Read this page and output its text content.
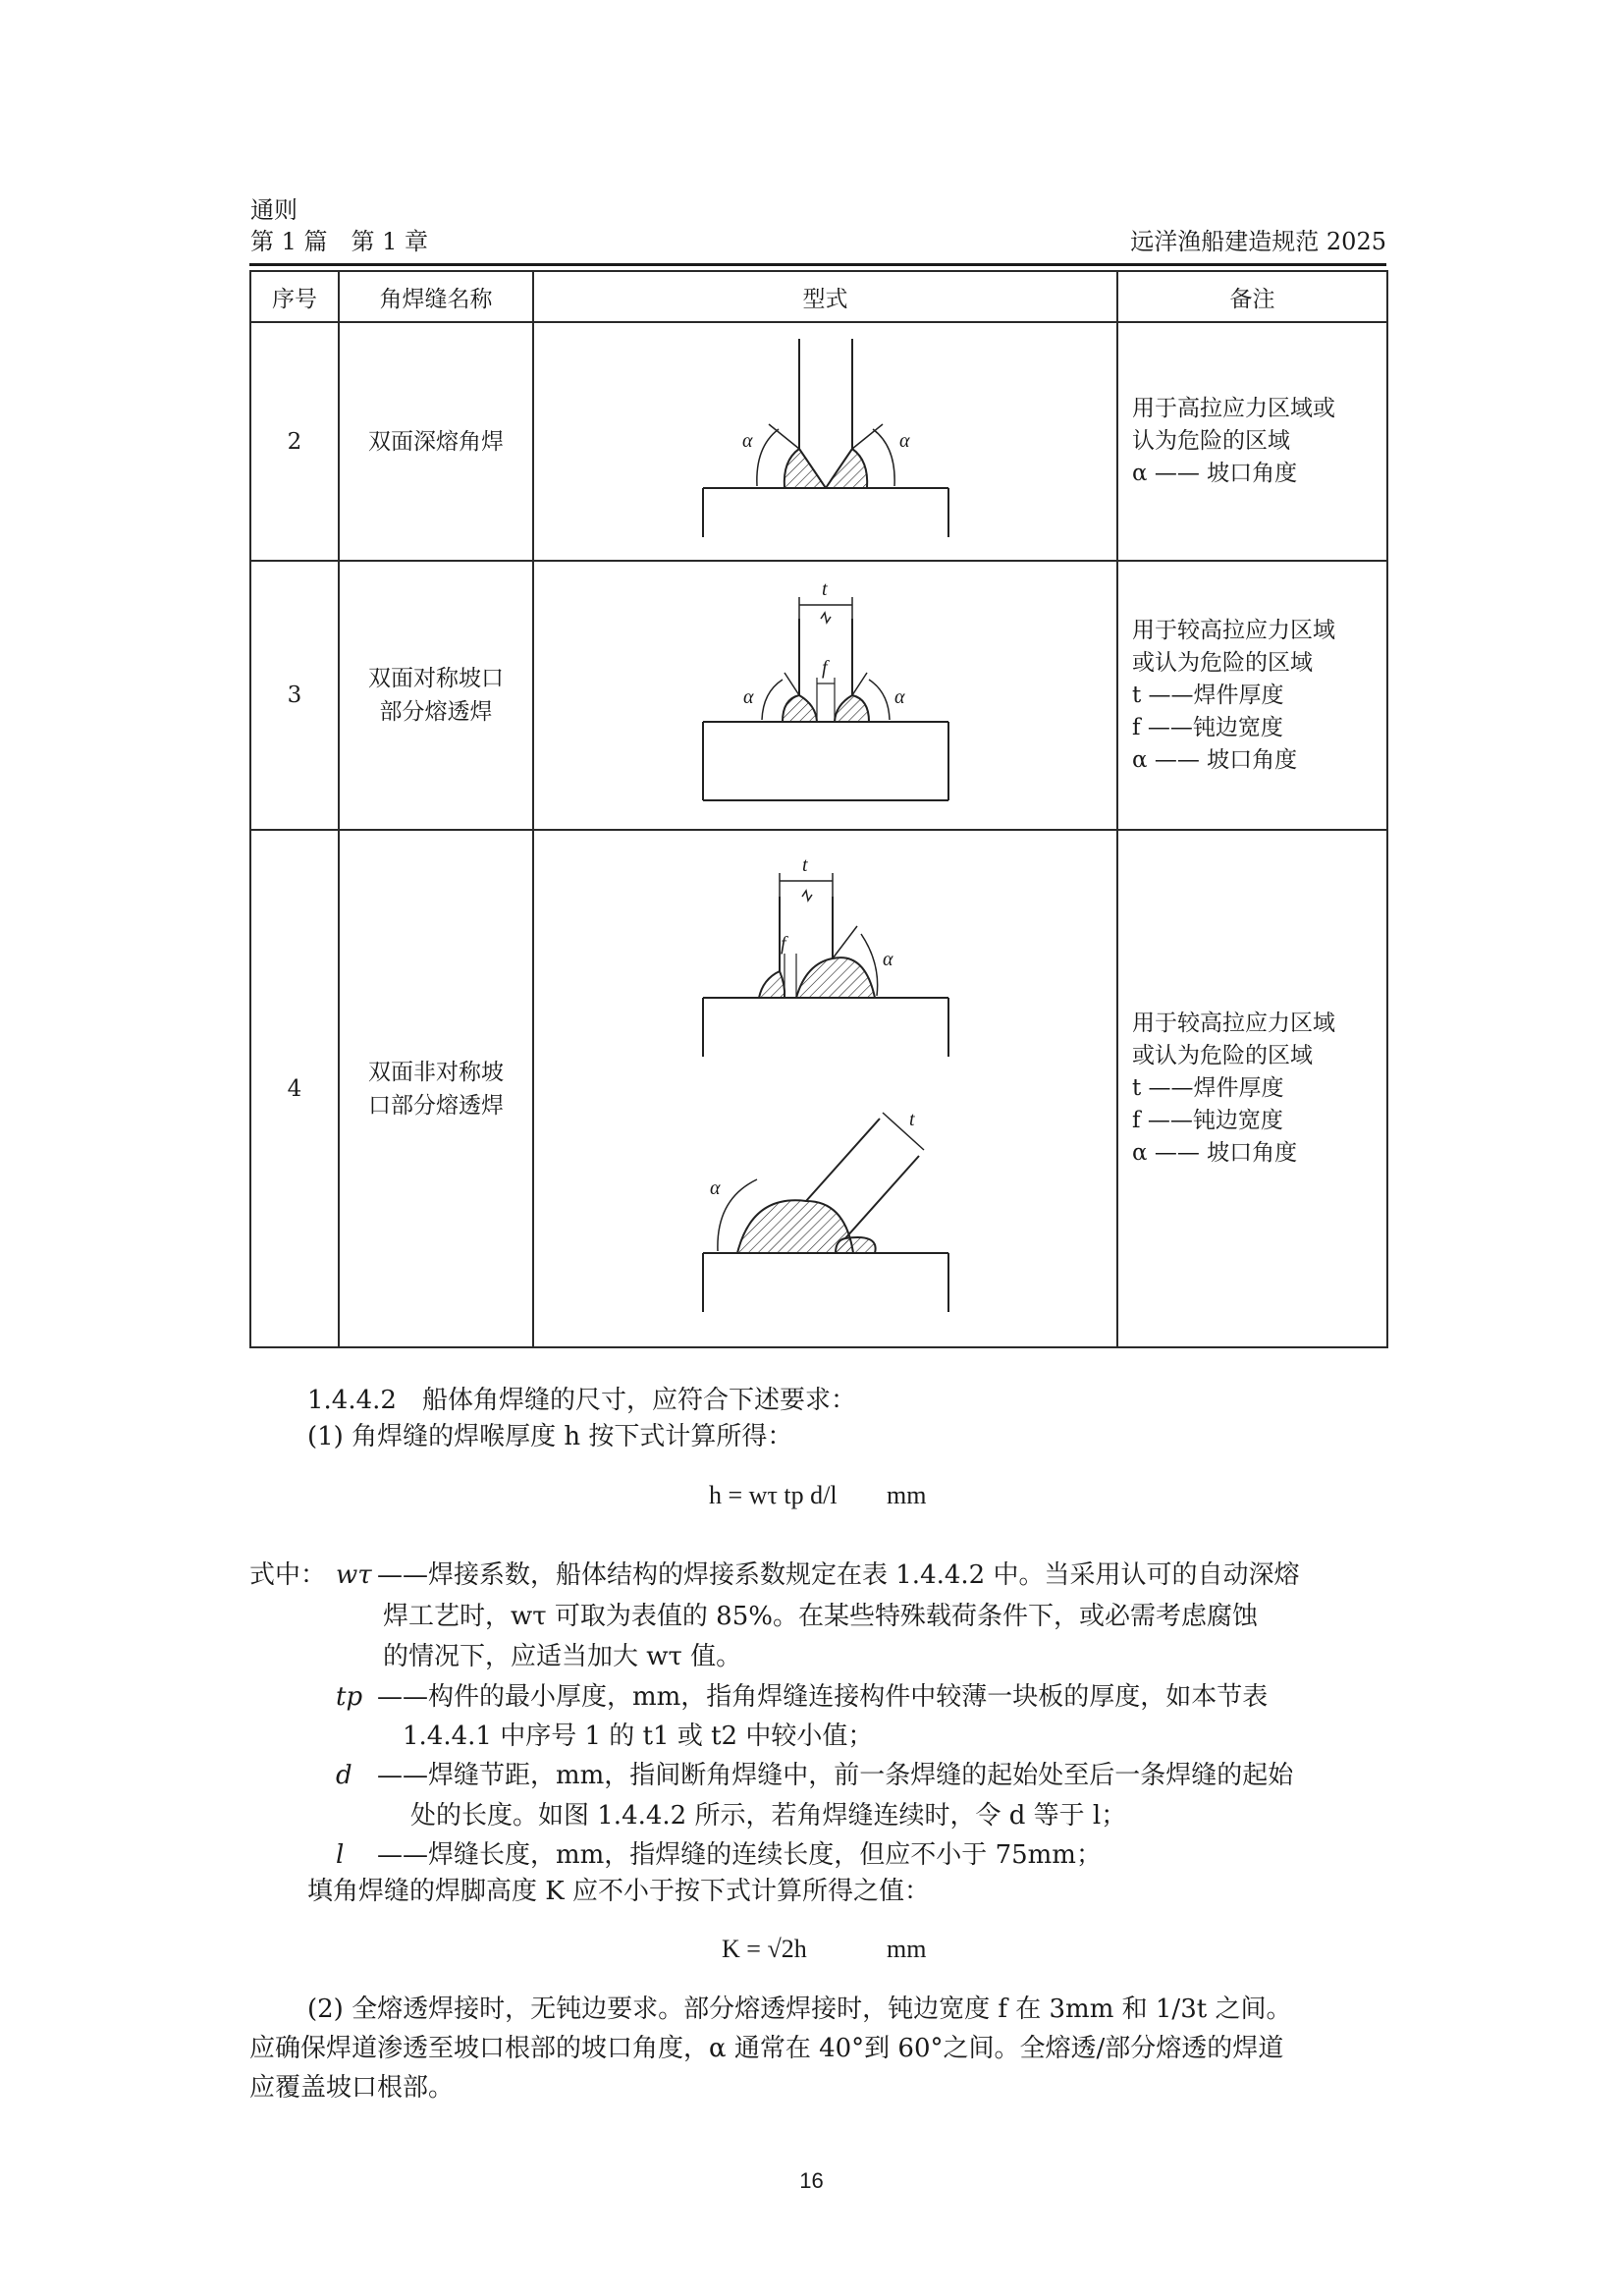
通则
第 1 篇　第 1 章	远洋渔船建造规范 2025
序号	角焊缝名称	型式	备注
2	双面深熔角焊	α α	用于高拉应力区域或
认为危险的区域
α —— 坡口角度

3	双面对称坡口
部分熔透焊	t
f
α α	用于较高拉应力区域
或认为危险的区域
t ——焊件厚度
f ——钝边宽度
α —— 坡口角度

4	双面非对称坡
口部分熔透焊	t
f
α
t
α	用于较高拉应力区域
或认为危险的区域
t ——焊件厚度
f ——钝边宽度
α —— 坡口角度
1.4.4.2　船体角焊缝的尺寸，应符合下述要求：
(1) 角焊缝的焊喉厚度 h 按下式计算所得：
h = wτ tp d/l mm
式中： wτ ——焊接系数，船体结构的焊接系数规定在表 1.4.4.2 中。当采用认可的自动深熔
焊工艺时，wτ 可取为表值的 85%。在某些特殊载荷条件下，或必需考虑腐蚀
的情况下，应适当加大 wτ 值。
tp ——构件的最小厚度，mm，指角焊缝连接构件中较薄一块板的厚度，如本节表
1.4.4.1 中序号 1 的 t1 或 t2 中较小值；
d ——焊缝节距，mm，指间断角焊缝中，前一条焊缝的起始处至后一条焊缝的起始
处的长度。如图 1.4.4.2 所示，若角焊缝连续时，令 d 等于 l；
l ——焊缝长度，mm，指焊缝的连续长度，但应不小于 75mm；
填角焊缝的焊脚高度 K 应不小于按下式计算所得之值：
K = √2h	mm
(2) 全熔透焊接时，无钝边要求。部分熔透焊接时，钝边宽度 f 在 3mm 和 1/3t 之间。
应确保焊道渗透至坡口根部的坡口角度，α 通常在 40°到 60°之间。全熔透/部分熔透的焊道
应覆盖坡口根部。
16
